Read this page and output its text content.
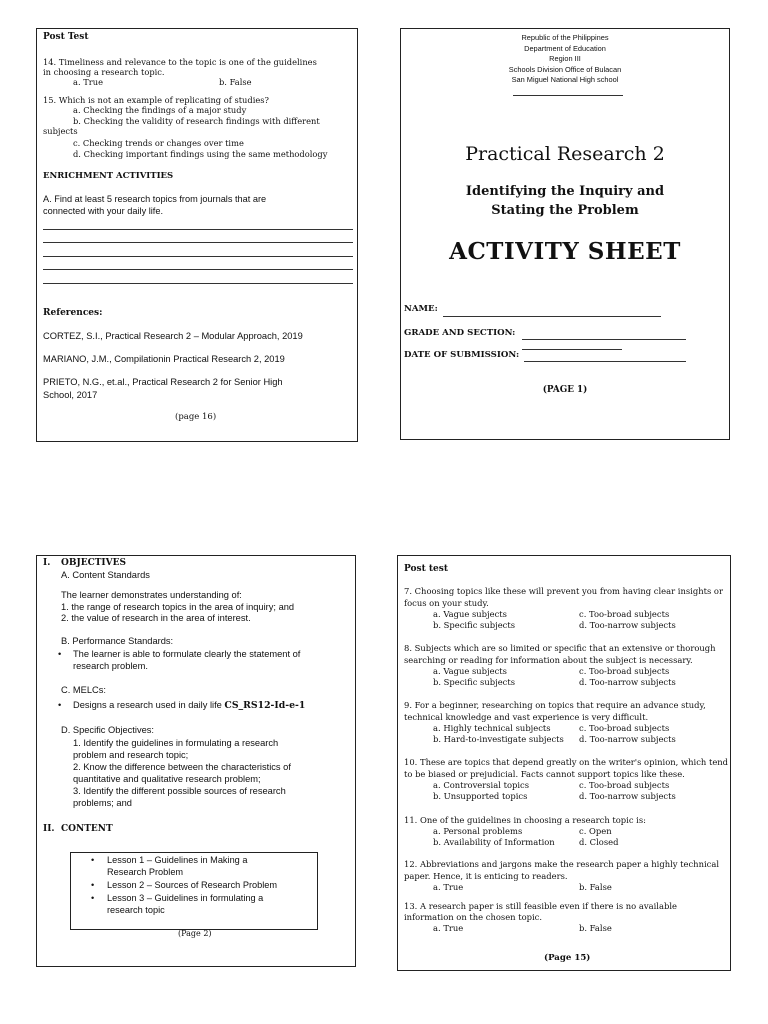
Post Test
14. Timeliness and relevance to the topic is one of the guidelines
in choosing a research topic.
a. True	b. False
15. Which is not an example of replicating of studies?
a. Checking the findings of a major study
b. Checking the validity of research findings with different
subjects
c. Checking trends or changes over time
d. Checking important findings using the same methodology
ENRICHMENT ACTIVITIES
A. Find at least 5 research topics from journals that are
connected with your daily life.
References:
CORTEZ, S.I., Practical Research 2 – Modular Approach, 2019
MARIANO, J.M., Compilationin Practical Research 2, 2019
PRIETO, N.G., et.al., Practical Research 2 for Senior High
School, 2017
(page 16)
Republic of the Philippines
Department of Education
Region III
Schools Division Office of Bulacan
San Miguel National High school
Practical Research 2
Identifying the Inquiry and
Stating the Problem
ACTIVITY SHEET
NAME:
GRADE AND SECTION:
DATE OF SUBMISSION:
(PAGE 1)
I. OBJECTIVES
A. Content Standards
The learner demonstrates understanding of:
1. the range of research topics in the area of inquiry; and
2. the value of research in the area of interest.
B. Performance Standards:
• The learner is able to formulate clearly the statement of
research problem.
C. MELCs:
• Designs a research used in daily life CS_RS12-Id-e-1
D. Specific Objectives:
1. Identify the guidelines in formulating a research
problem and research topic;
2. Know the difference between the characteristics of
quantitative and qualitative research problem;
3. Identify the different possible sources of research
problems; and
II. CONTENT
• Lesson 1 – Guidelines in Making a
Research Problem
• Lesson 2 – Sources of Research Problem
• Lesson 3 – Guidelines in formulating a
research topic
(Page 2)
Post test
7. Choosing topics like these will prevent you from having clear insights or
focus on your study.
a. Vague subjects	c. Too-broad subjects
b. Specific subjects	d. Too-narrow subjects
8. Subjects which are so limited or specific that an extensive or thorough
searching or reading for information about the subject is necessary.
a. Vague subjects	c. Too-broad subjects
b. Specific subjects	d. Too-narrow subjects
9. For a beginner, researching on topics that require an advance study,
technical knowledge and vast experience is very difficult.
a. Highly technical subjects	c. Too-broad subjects
b. Hard-to-investigate subjects d. Too-narrow subjects
10. These are topics that depend greatly on the writer's opinion, which tend
to be biased or prejudicial. Facts cannot support topics like these.
a. Controversial topics	c. Too-broad subjects
b. Unsupported topics	d. Too-narrow subjects
11. One of the guidelines in choosing a research topic is:
a. Personal problems	c. Open
b. Availability of Information	d. Closed
12. Abbreviations and jargons make the research paper a highly technical
paper. Hence, it is enticing to readers.
a. True	b. False
13. A research paper is still feasible even if there is no available
information on the chosen topic.
a. True	b. False
(Page 15)
